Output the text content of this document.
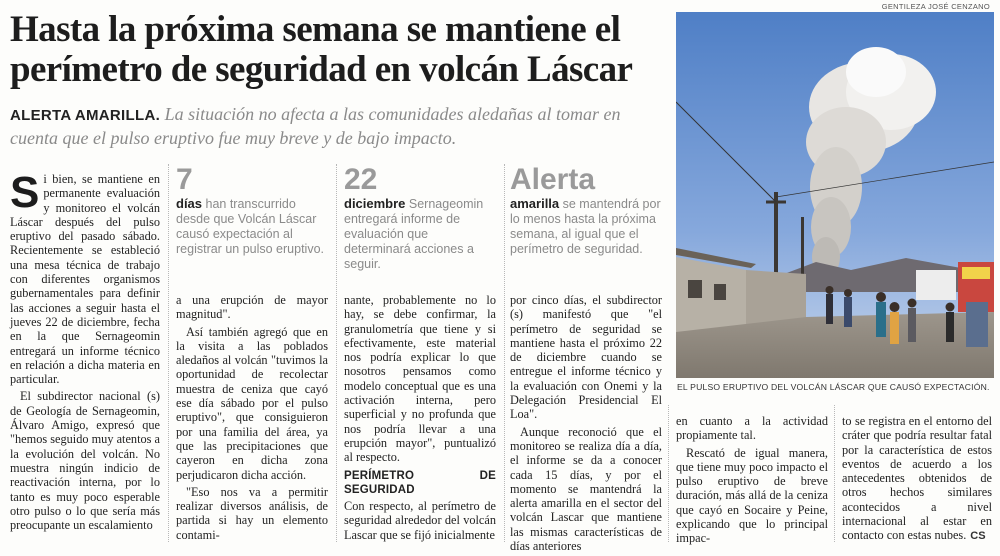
Hasta la próxima semana se mantiene el perímetro de seguridad en volcán Láscar
ALERTA AMARILLA. La situación no afecta a las comunidades aledañas al tomar en cuenta que el pulso eruptivo fue muy breve y de bajo impacto.
GENTILEZA JOSÉ CENZANO
EL PULSO ERUPTIVO DEL VOLCÁN LÁSCAR QUE CAUSÓ EXPECTACIÓN.

Si bien, se mantiene en permanente evaluación y monitoreo el volcán Láscar después del pulso eruptivo del pasado sábado. Recientemente se estableció una mesa técnica de trabajo con diferentes organismos gubernamentales para definir las acciones a seguir hasta el jueves 22 de diciembre, fecha en la que Sernageomin entregará un informe técnico en relación a dicha materia en particular.

El subdirector nacional (s) de Geología de Sernageomin, Álvaro Amigo, expresó que "hemos seguido muy atentos a la evolución del volcán. No muestra ningún indicio de reactivación interna, por lo tanto es muy poco esperable otro pulso o lo que sería más preocupante un escalamiento

7
días han transcurrido desde que Volcán Láscar causó expectación al registrar un pulso eruptivo.
22
diciembre Sernageomin entregará informe de evaluación que determinará acciones a seguir.
Alerta
amarilla se mantendrá por lo menos hasta la próxima semana, al igual que el perímetro de seguridad.

a una erupción de mayor magnitud".

Así también agregó que en la visita a las poblados aledaños al volcán "tuvimos la oportunidad de recolectar muestra de ceniza que cayó ese día sábado por el pulso eruptivo", que consiguieron por una familia del área, ya que las precipitaciones que cayeron en dicha zona perjudicaron dicha acción.

"Eso nos va a permitir realizar diversos análisis, de partida si hay un elemento contami-

nante, probablemente no lo hay, se debe confirmar, la granulometría que tiene y si efectivamente, este material nos podría explicar lo que nosotros pensamos como modelo conceptual que es una activación interna, pero superficial y no profunda que nos podría llevar a una erupción mayor", puntualizó al respecto.

PERÍMETRO DE SEGURIDAD

Con respecto, al perímetro de seguridad alrededor del volcán Lascar que se fijó inicialmente

por cinco días, el subdirector (s) manifestó que "el perímetro de seguridad se mantiene hasta el próximo 22 de diciembre cuando se entregue el informe técnico y la evaluación con Onemi y la Delegación Presidencial El Loa".

Aunque reconoció que el monitoreo se realiza día a día, el informe se da a conocer cada 15 días, y por el momento se mantendrá la alerta amarilla en el sector del volcán Lascar que mantiene las mismas características de días anteriores

en cuanto a la actividad propiamente tal.

Rescató de igual manera, que tiene muy poco impacto el pulso eruptivo de breve duración, más allá de la ceniza que cayó en Socaire y Peine, explicando que lo principal impac-

to se registra en el entorno del cráter que podría resultar fatal por la característica de estos eventos de acuerdo a los antecedentes obtenidos de otros hechos similares acontecidos a nivel internacional al estar en contacto con estas nubes. CS
